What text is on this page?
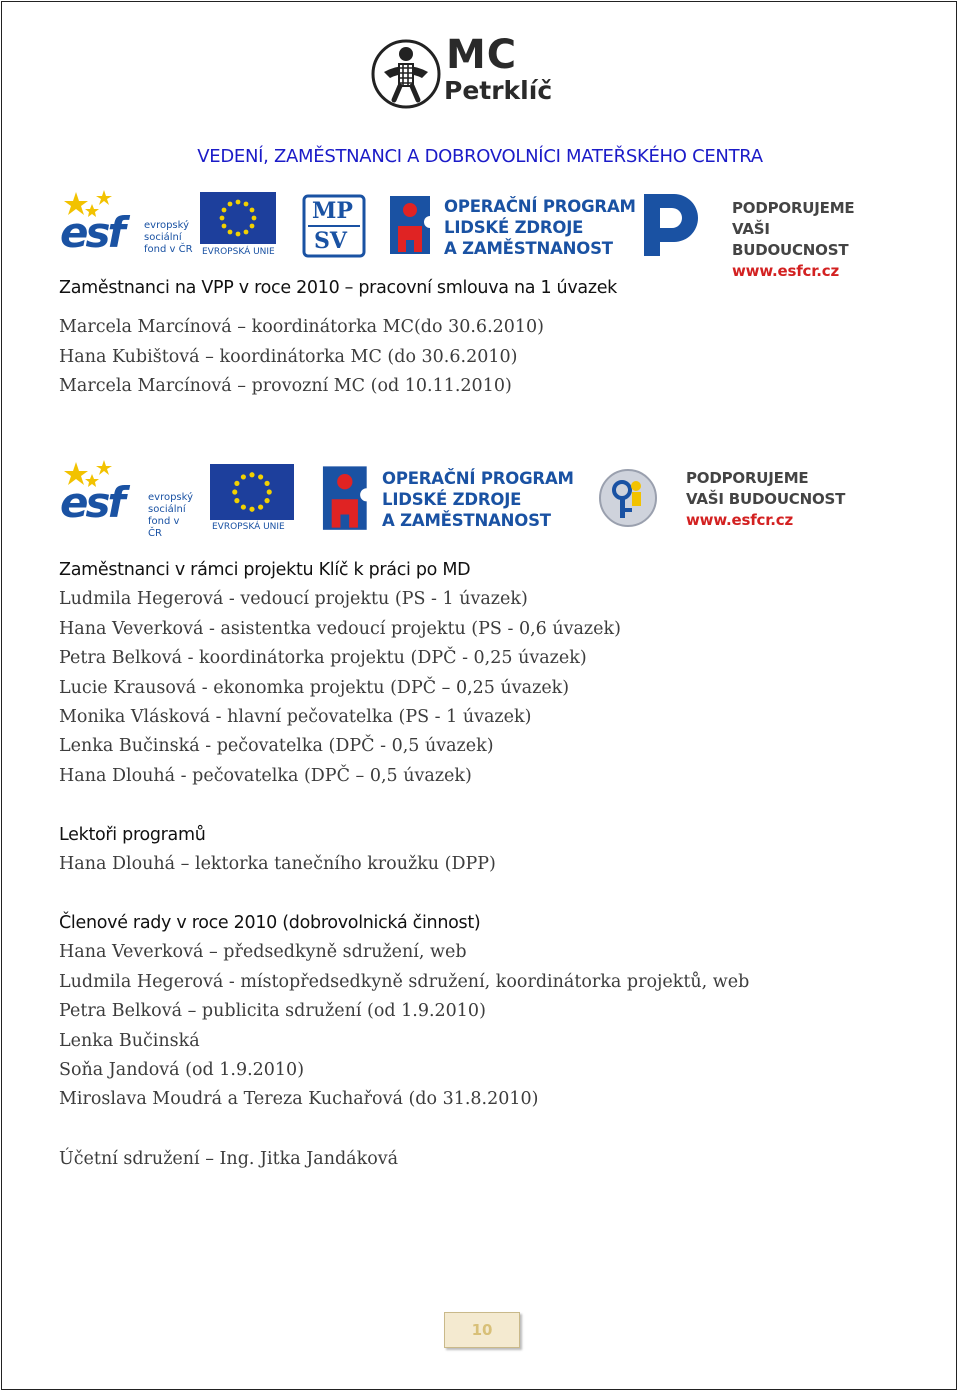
MC
Petrklíč
VEDENÍ, ZAMĚSTNANCI A DOBROVOLNÍCI MATEŘSKÉHO CENTRA
esf evropský
sociální
fond v ČR EVROPSKÁ UNIE
MP
SV
OPERAČNÍ PROGRAM
LIDSKÉ ZDROJE
A ZAMĚSTNANOST
PODPORUJEME
VAŠI BUDOUCNOST
www.esfcr.cz
Zaměstnanci na VPP v roce 2010 – pracovní smlouva na 1 úvazek
Marcela Marcínová – koordinátorka MC(do 30.6.2010)
Hana Kubištová – koordinátorka MC (do 30.6.2010)
Marcela Marcínová – provozní MC (od 10.11.2010)
esf	evropský
sociální
fond v ČR
EVROPSKÁ UNIE
OPERAČNÍ PROGRAM
LIDSKÉ ZDROJE
A ZAMĚSTNANOST
PODPORUJEME
VAŠI BUDOUCNOST
www.esfcr.cz
Zaměstnanci v rámci projektu Klíč k práci po MD
Ludmila Hegerová - vedoucí projektu (PS - 1 úvazek)
Hana Veverková - asistentka vedoucí projektu (PS - 0,6 úvazek)
Petra Belková - koordinátorka projektu (DPČ - 0,25 úvazek)
Lucie Krausová - ekonomka projektu (DPČ – 0,25 úvazek)
Monika Vlásková - hlavní pečovatelka (PS - 1 úvazek)
Lenka Bučinská - pečovatelka (DPČ - 0,5 úvazek)
Hana Dlouhá - pečovatelka (DPČ – 0,5 úvazek)
Lektoři programů
Hana Dlouhá – lektorka tanečního kroužku (DPP)
Členové rady v roce 2010 (dobrovolnická činnost)
Hana Veverková – předsedkyně sdružení, web
Ludmila Hegerová - místopředsedkyně sdružení, koordinátorka projektů, web
Petra Belková – publicita sdružení (od 1.9.2010)
Lenka Bučinská
Soňa Jandová (od 1.9.2010)
Miroslava Moudrá a Tereza Kuchařová (do 31.8.2010)
Účetní sdružení – Ing. Jitka Jandáková
10
